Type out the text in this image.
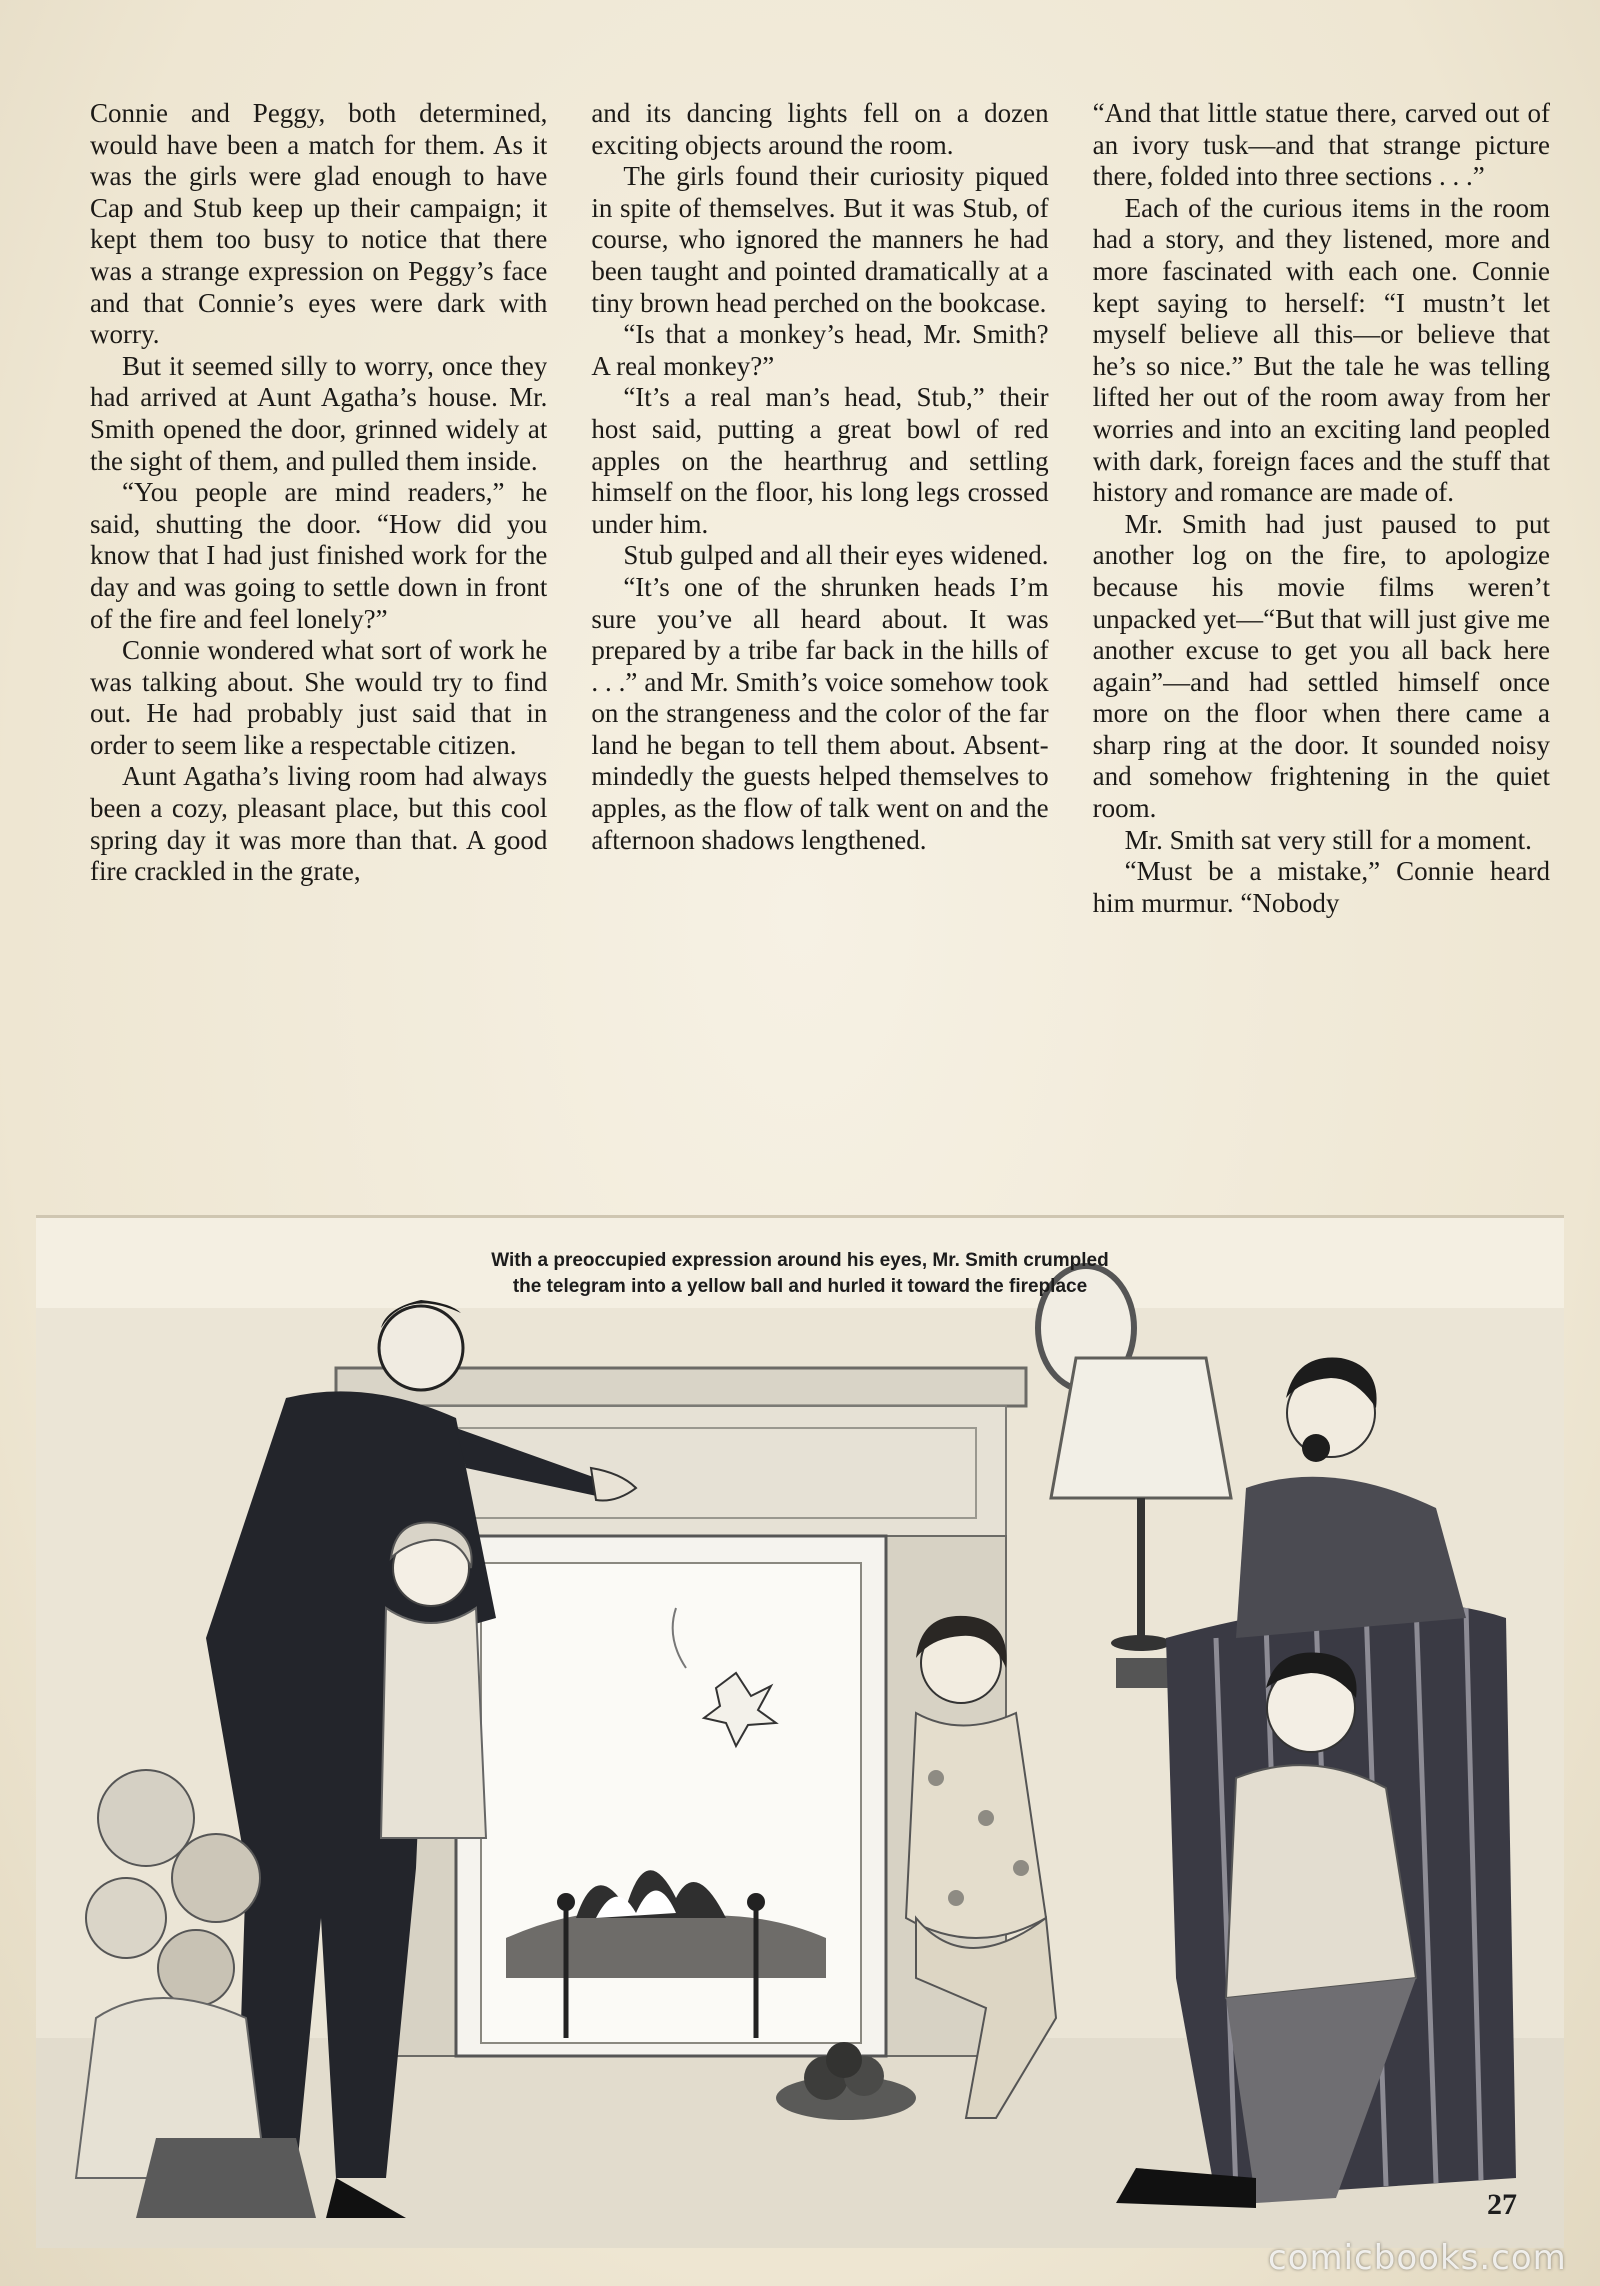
Connie and Peggy, both determined, would have been a match for them. As it was the girls were glad enough to have Cap and Stub keep up their campaign; it kept them too busy to notice that there was a strange expression on Peggy’s face and that Connie’s eyes were dark with worry.

But it seemed silly to worry, once they had arrived at Aunt Agatha’s house. Mr. Smith opened the door, grinned widely at the sight of them, and pulled them inside.

“You people are mind readers,” he said, shutting the door. “How did you know that I had just finished work for the day and was going to settle down in front of the fire and feel lonely?”

Connie wondered what sort of work he was talking about. She would try to find out. He had probably just said that in order to seem like a respectable citizen.

Aunt Agatha’s living room had always been a cozy, pleasant place, but this cool spring day it was more than that. A good fire crackled in the grate,

and its dancing lights fell on a dozen exciting objects around the room.

The girls found their curiosity piqued in spite of themselves. But it was Stub, of course, who ignored the manners he had been taught and pointed dramatically at a tiny brown head perched on the bookcase.

“Is that a monkey’s head, Mr. Smith? A real monkey?”

“It’s a real man’s head, Stub,” their host said, putting a great bowl of red apples on the hearthrug and settling himself on the floor, his long legs crossed under him.

Stub gulped and all their eyes widened.

“It’s one of the shrunken heads I’m sure you’ve all heard about. It was prepared by a tribe far back in the hills of . . .” and Mr. Smith’s voice somehow took on the strangeness and the color of the far land he began to tell them about. Absent-mindedly the guests helped themselves to apples, as the flow of talk went on and the afternoon shadows lengthened.

“And that little statue there, carved out of an ivory tusk—and that strange picture there, folded into three sections . . .”

Each of the curious items in the room had a story, and they listened, more and more fascinated with each one. Connie kept saying to herself: “I mustn’t let myself believe all this—or believe that he’s so nice.” But the tale he was telling lifted her out of the room away from her worries and into an exciting land peopled with dark, foreign faces and the stuff that history and romance are made of.

Mr. Smith had just paused to put another log on the fire, to apologize because his movie films weren’t unpacked yet—“But that will just give me another excuse to get you all back here again”—and had settled himself once more on the floor when there came a sharp ring at the door. It sounded noisy and somehow frightening in the quiet room.

Mr. Smith sat very still for a moment.

“Must be a mistake,” Connie heard him murmur. “Nobody

With a preoccupied expression around his eyes, Mr. Smith crumpled
the telegram into a yellow ball and hurled it toward the fireplace
27
comicbooks.com
